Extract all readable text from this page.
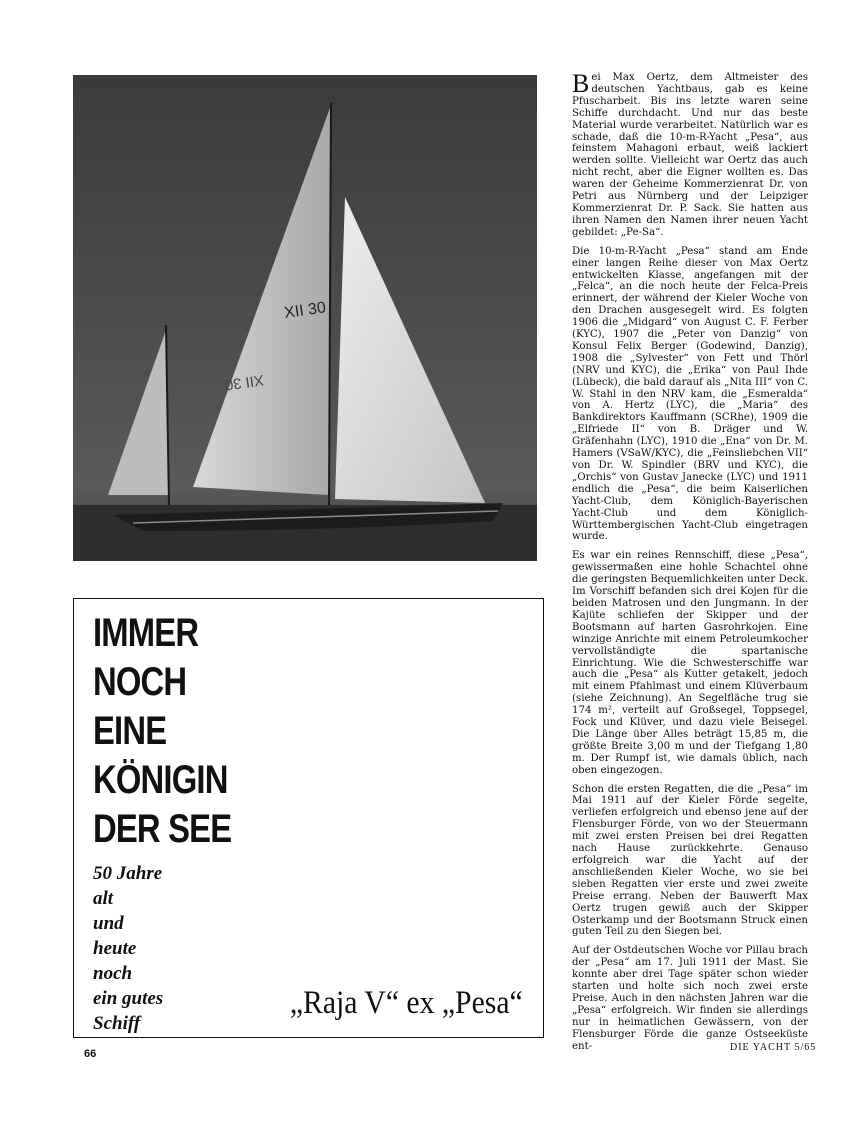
XII 30
XII 30
IMMER
NOCH
EINE
KÖNIGIN
DER SEE
50 Jahre
alt
und
heute
noch
ein gutes
Schiff
„Raja V“ ex „Pesa“

Bei Max Oertz, dem Altmeister des deutschen Yachtbaus, gab es keine Pfuscharbeit. Bis ins letzte waren seine Schiffe durchdacht. Und nur das beste Material wurde verarbeitet. Natürlich war es schade, daß die 10-m-R-Yacht „Pesa“, aus feinstem Mahagoni erbaut, weiß lackiert werden sollte. Vielleicht war Oertz das auch nicht recht, aber die Eigner wollten es. Das waren der Geheime Kommerzienrat Dr. von Petri aus Nürnberg und der Leipziger Kommerzienrat Dr. P. Sack. Sie hatten aus ihren Namen den Namen ihrer neuen Yacht gebildet: „Pe-Sa“.

Die 10-m-R-Yacht „Pesa“ stand am Ende einer langen Reihe dieser von Max Oertz entwickelten Klasse, angefangen mit der „Felca“, an die noch heute der Felca-Preis erinnert, der während der Kieler Woche von den Drachen ausgesegelt wird. Es folgten 1906 die „Midgard“ von August C. F. Ferber (KYC), 1907 die „Peter von Danzig“ von Konsul Felix Berger (Godewind, Danzig), 1908 die „Sylvester“ von Fett und Thörl (NRV und KYC), die „Erika“ von Paul Ihde (Lübeck), die bald darauf als „Nita III“ von C. W. Stahl in den NRV kam, die „Esmeralda“ von A. Hertz (LYC), die „Maria“ des Bankdirektors Kauffmann (SCRhe), 1909 die „Elfriede II“ von B. Dräger und W. Gräfenhahn (LYC), 1910 die „Ena“ von Dr. M. Hamers (VSaW/KYC), die „Feinsliebchen VII“ von Dr. W. Spindler (BRV und KYC), die „Orchis“ von Gustav Janecke (LYC) und 1911 endlich die „Pesa“, die beim Kaiserlichen Yacht-Club, dem Königlich-Bayerischen Yacht-Club und dem Königlich-Württembergischen Yacht-Club eingetragen wurde.

Es war ein reines Rennschiff, diese „Pesa“, gewissermaßen eine hohle Schachtel ohne die geringsten Bequemlichkeiten unter Deck. Im Vorschiff befanden sich drei Kojen für die beiden Matrosen und den Jungmann. In der Kajüte schliefen der Skipper und der Bootsmann auf harten Gasrohrkojen. Eine winzige Anrichte mit einem Petroleumkocher vervollständigte die spartanische Einrichtung. Wie die Schwesterschiffe war auch die „Pesa“ als Kutter getakelt, jedoch mit einem Pfahlmast und einem Klüverbaum (siehe Zeichnung). An Segelfläche trug sie 174 m², verteilt auf Großsegel, Toppsegel, Fock und Klüver, und dazu viele Beisegel. Die Länge über Alles beträgt 15,85 m, die größte Breite 3,00 m und der Tiefgang 1,80 m. Der Rumpf ist, wie damals üblich, nach oben eingezogen.

Schon die ersten Regatten, die die „Pesa“ im Mai 1911 auf der Kieler Förde segelte, verliefen erfolgreich und ebenso jene auf der Flensburger Förde, von wo der Steuermann mit zwei ersten Preisen bei drei Regatten nach Hause zurückkehrte. Genauso erfolgreich war die Yacht auf der anschließenden Kieler Woche, wo sie bei sieben Regatten vier erste und zwei zweite Preise errang. Neben der Bauwerft Max Oertz trugen gewiß auch der Skipper Osterkamp und der Bootsmann Struck einen guten Teil zu den Siegen bei.

Auf der Ostdeutschen Woche vor Pillau brach der „Pesa“ am 17. Juli 1911 der Mast. Sie konnte aber drei Tage später schon wieder starten und holte sich noch zwei erste Preise. Auch in den nächsten Jahren war die „Pesa“ erfolgreich. Wir finden sie allerdings nur in heimatlichen Gewässern, von der Flensburger Förde die ganze Ostseeküste ent-

66
DIE YACHT 5/65
